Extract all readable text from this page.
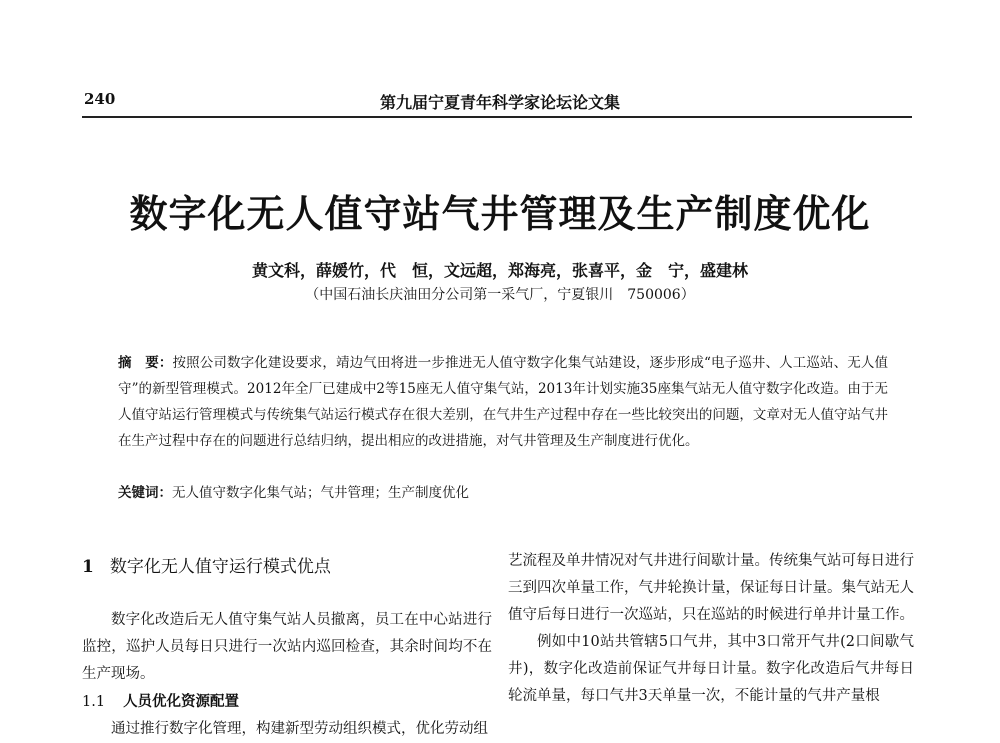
240	第九届宁夏青年科学家论坛论文集
数字化无人值守站气井管理及生产制度优化
黄文科，薛媛竹，代　恒，文远超，郑海亮，张喜平，金　宁，盛建林
（中国石油长庆油田分公司第一采气厂，宁夏银川　750006）
摘　要：按照公司数字化建设要求，靖边气田将进一步推进无人值守数字化集气站建设，逐步形成“电子巡井、人工巡站、无人值守”的新型管理模式。2012年全厂已建成中2等15座无人值守集气站，2013年计划实施35座集气站无人值守数字化改造。由于无人值守站运行管理模式与传统集气站运行模式存在很大差别，在气井生产过程中存在一些比较突出的问题，文章对无人值守站气井在生产过程中存在的问题进行总结归纳，提出相应的改进措施，对气井管理及生产制度进行优化。
关键词：无人值守数字化集气站；气井管理；生产制度优化
1 数字化无人值守运行模式优点

数字化改造后无人值守集气站人员撤离，员工在中心站进行监控，巡护人员每日只进行一次站内巡回检查，其余时间均不在生产现场。

1.1 人员优化资源配置

通过推行数字化管理，构建新型劳动组织模式，优化劳动组

艺流程及单井情况对气井进行间歇计量。传统集气站可每日进行三到四次单量工作，气井轮换计量，保证每日计量。集气站无人值守后每日进行一次巡站，只在巡站的时候进行单井计量工作。

例如中10站共管辖5口气井，其中3口常开气井(2口间歇气井)，数字化改造前保证气井每日计量。数字化改造后气井每日轮流单量，每口气井3天单量一次，不能计量的气井产量根
